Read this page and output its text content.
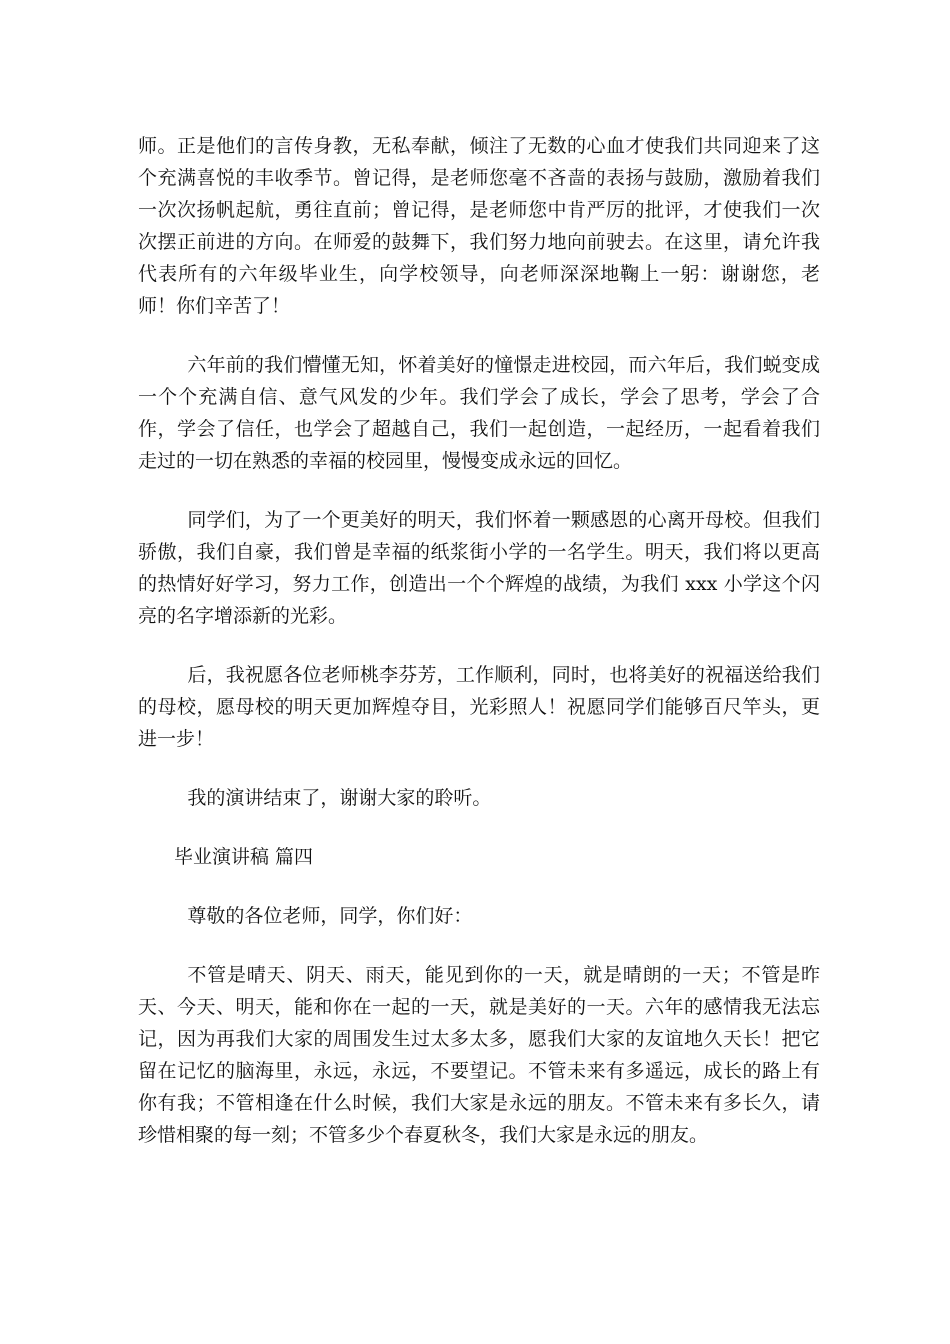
师。正是他们的言传身教，无私奉献，倾注了无数的心血才使我们共同迎来了这个充满喜悦的丰收季节。曾记得，是老师您毫不吝啬的表扬与鼓励，激励着我们一次次扬帆起航，勇往直前；曾记得，是老师您中肯严厉的批评，才使我们一次次摆正前进的方向。在师爱的鼓舞下，我们努力地向前驶去。在这里，请允许我代表所有的六年级毕业生，向学校领导，向老师深深地鞠上一躬：谢谢您，老师！你们辛苦了！

六年前的我们懵懂无知，怀着美好的憧憬走进校园，而六年后，我们蜕变成一个个充满自信、意气风发的少年。我们学会了成长，学会了思考，学会了合作，学会了信任，也学会了超越自己，我们一起创造，一起经历，一起看着我们走过的一切在熟悉的幸福的校园里，慢慢变成永远的回忆。

同学们，为了一个更美好的明天，我们怀着一颗感恩的心离开母校。但我们骄傲，我们自豪，我们曾是幸福的纸浆街小学的一名学生。明天，我们将以更高的热情好好学习，努力工作，创造出一个个辉煌的战绩，为我们 xxx 小学这个闪亮的名字增添新的光彩。

后，我祝愿各位老师桃李芬芳，工作顺利，同时，也将美好的祝福送给我们的母校，愿母校的明天更加辉煌夺目，光彩照人！祝愿同学们能够百尺竿头，更进一步！

我的演讲结束了，谢谢大家的聆听。

毕业演讲稿 篇四

尊敬的各位老师，同学，你们好：

不管是晴天、阴天、雨天，能见到你的一天，就是晴朗的一天；不管是昨天、今天、明天，能和你在一起的一天，就是美好的一天。六年的感情我无法忘记，因为再我们大家的周围发生过太多太多，愿我们大家的友谊地久天长！把它留在记忆的脑海里，永远，永远，不要望记。不管未来有多遥远，成长的路上有你有我；不管相逢在什么时候，我们大家是永远的朋友。不管未来有多长久，请珍惜相聚的每一刻；不管多少个春夏秋冬，我们大家是永远的朋友。
